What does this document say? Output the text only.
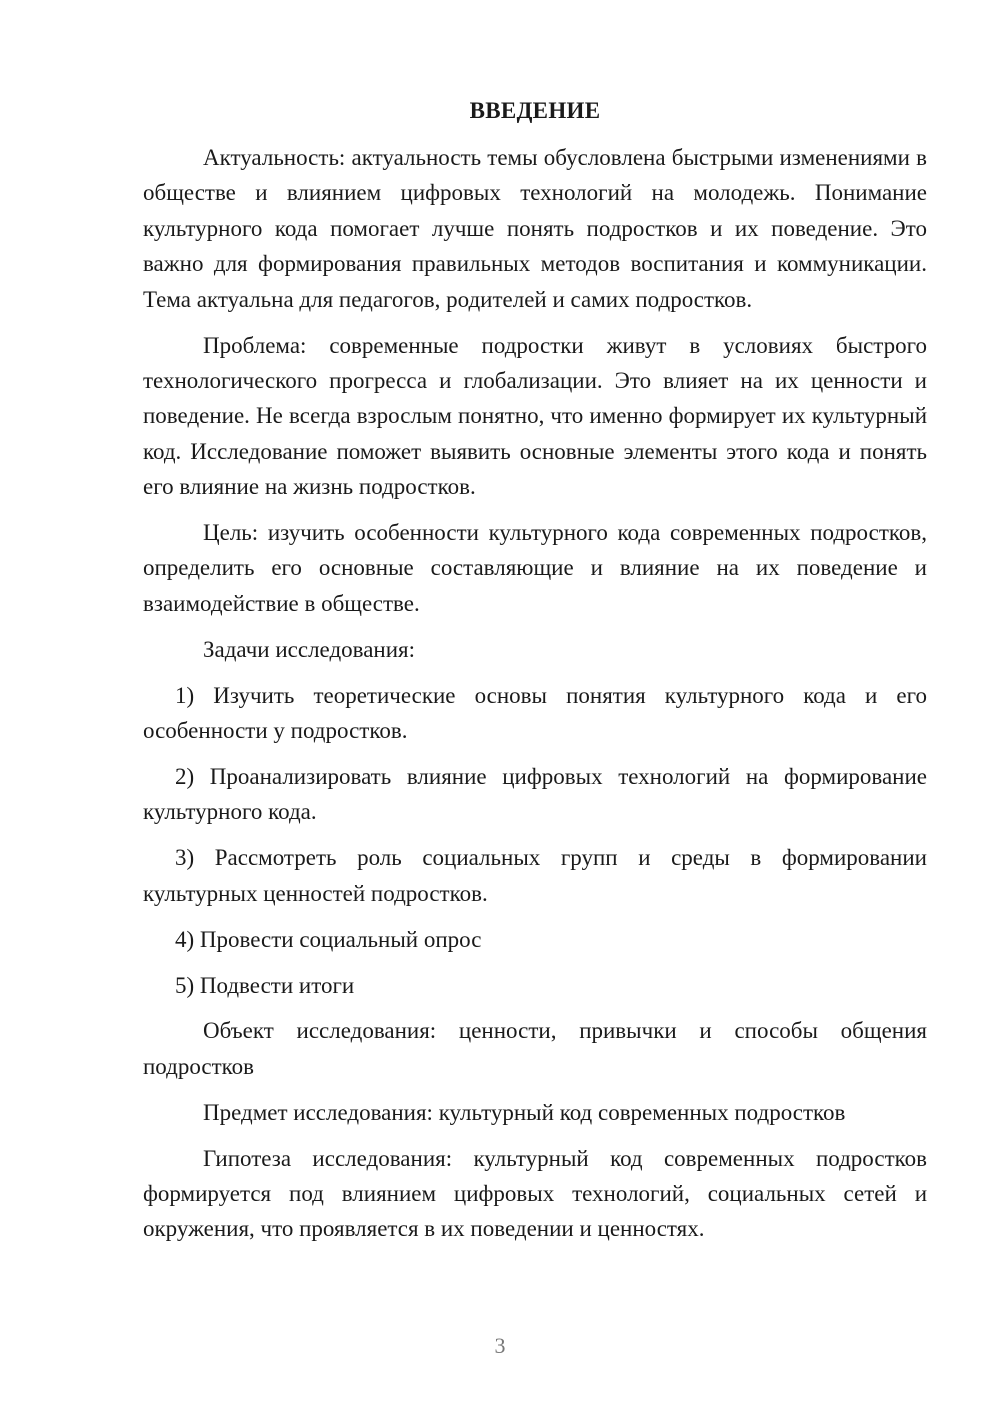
ВВЕДЕНИЕ

Актуальность: актуальность темы обусловлена быстрыми изменениями в обществе и влиянием цифровых технологий на молодежь. Понимание культурного кода помогает лучше понять подростков и их поведение. Это важно для формирования правильных методов воспитания и коммуникации. Тема актуальна для педагогов, родителей и самих подростков.

Проблема: современные подростки живут в условиях быстрого технологического прогресса и глобализации. Это влияет на их ценности и поведение. Не всегда взрослым понятно, что именно формирует их культурный код. Исследование поможет выявить основные элементы этого кода и понять его влияние на жизнь подростков.

Цель: изучить особенности культурного кода современных подростков, определить его основные составляющие и влияние на их поведение и взаимодействие в обществе.

Задачи исследования:

1) Изучить теоретические основы понятия культурного кода и его особенности у подростков.

2) Проанализировать влияние цифровых технологий на формирование культурного кода.

3) Рассмотреть роль социальных групп и среды в формировании культурных ценностей подростков.

4) Провести социальный опрос

5) Подвести итоги

Объект исследования: ценности, привычки и способы общения подростков

Предмет исследования: культурный код современных подростков

Гипотеза исследования: культурный код современных подростков формируется под влиянием цифровых технологий, социальных сетей и окружения, что проявляется в их поведении и ценностях.

3
